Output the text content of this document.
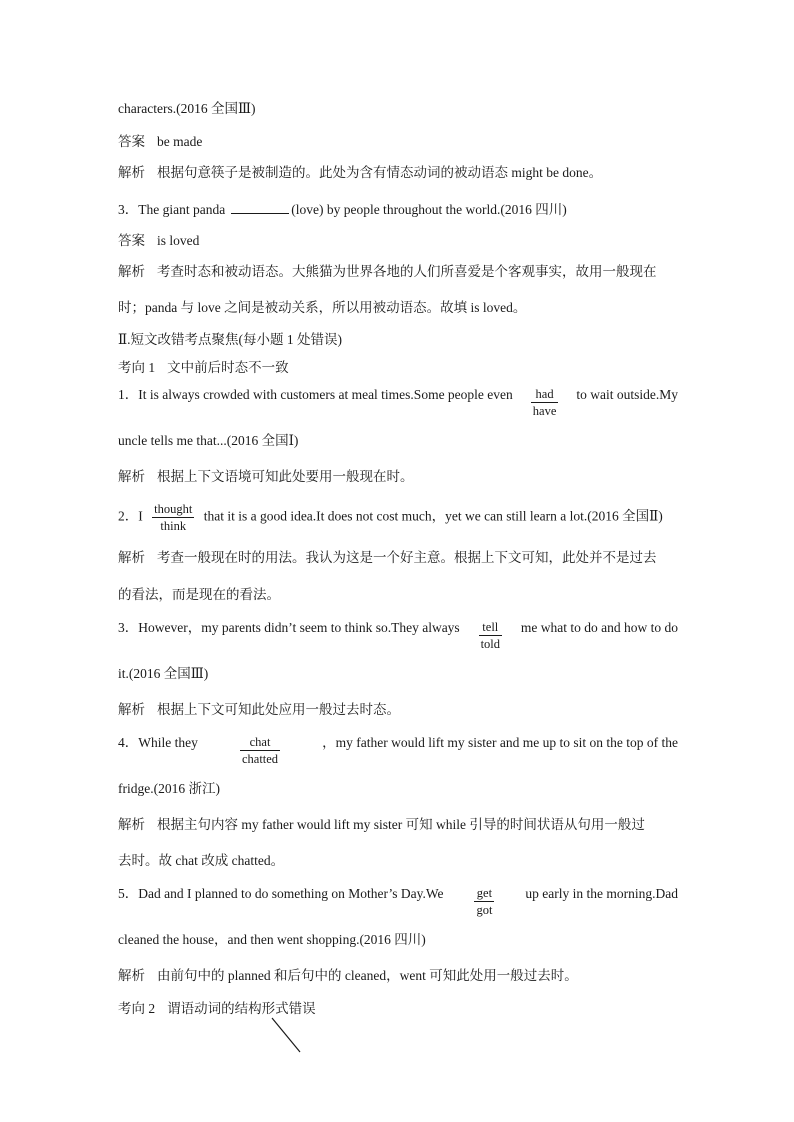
characters.(2016 全国Ⅲ)
答案 be made
解析 根据句意筷子是被制造的。此处为含有情态动词的被动语态 might be done。
3．The giant panda	(love) by people throughout the world.(2016 四川)
答案 is loved
解析 考查时态和被动语态。大熊猫为世界各地的人们所喜爱是个客观事实，故用一般现在
时；panda 与 love 之间是被动关系，所以用被动语态。故填 is loved。
Ⅱ.短文改错考点聚焦(每小题 1 处错误)
考向 1 文中前后时态不一致
1．It is always crowded with customers at meal times.Some people even $\frac{\text{had}}{\text{have}}$ to wait outside.My
uncle tells me that...(2016 全国Ⅰ)
解析 根据上下文语境可知此处要用一般现在时。
2．I $\frac{\text{thought}}{\text{think}}$ that it is a good idea.It does not cost much，yet we can still learn a lot.(2016 全国Ⅱ)
解析 考查一般现在时的用法。我认为这是一个好主意。根据上下文可知，此处并不是过去
的看法，而是现在的看法。
3．However，my parents didn’t seem to think so.They always $\frac{\text{tell}}{\text{told}}$ me what to do and how to do
it.(2016 全国Ⅲ)
解析 根据上下文可知此处应用一般过去时态。
4．While they	$\frac{\text{chat}}{\text{chatted}}$	，my father would lift my sister and me up to sit on the top of the
fridge.(2016 浙江)
解析 根据主句内容 my father would lift my sister 可知 while 引导的时间状语从句用一般过
去时。故 chat 改成 chatted。
5．Dad and I planned to do something on Mother’s $Day.We \frac{\text{get}}{\text{got}}$ up early in the morning.Dad
cleaned the house，and then went shopping.(2016 四川)
解析 由前句中的 planned 和后句中的 cleaned，went 可知此处用一般过去时。
考向 2 谓语动词的结构形式错误
